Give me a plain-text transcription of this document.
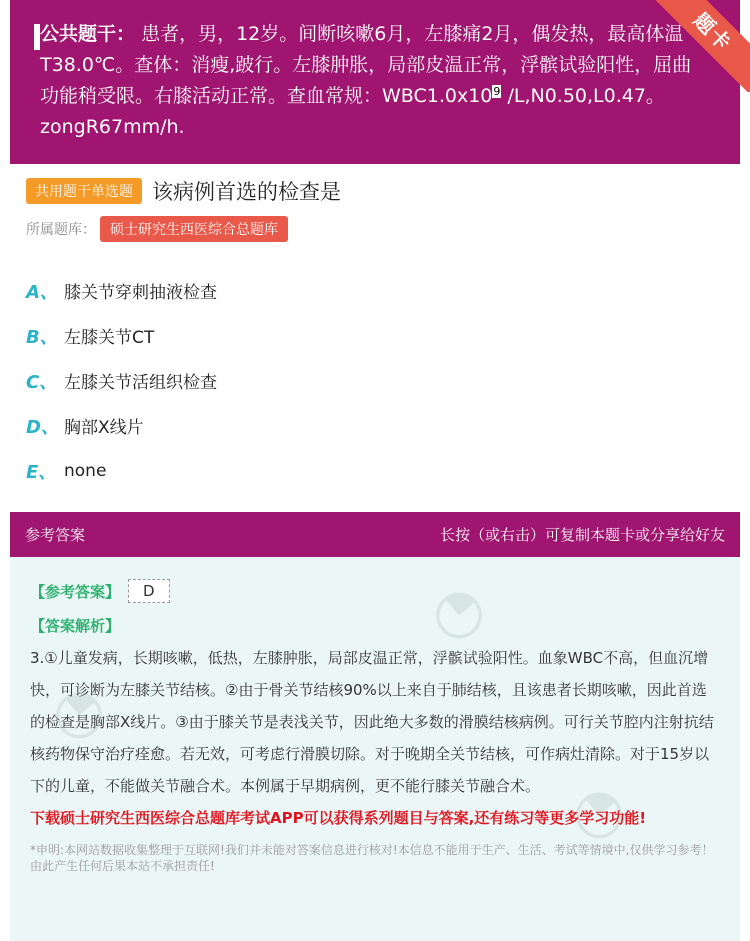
公共题干： 患者，男，12岁。间断咳嗽6月，左膝痛2月，偶发热，最高体温T38.0℃。查体：消瘦,跛行。左膝肿胀，局部皮温正常，浮髌试验阳性，屈曲功能稍受限。右膝活动正常。查血常规：$WBC1.0x10^9$ /L,N0.50,L0.47。zongR67mm/h.
题卡
共用题干单选题 该病例首选的检查是
所属题库：	硕士研究生西医综合总题库
A、 膝关节穿刺抽液检查
B、 左膝关节CT
C、 左膝关节活组织检查
D、 胸部X线片
E、 none
参考答案	长按（或右击）可复制本题卡或分享给好友
◔
◔
◔
【参考答案】	D
【答案解析】
3.①儿童发病，长期咳嗽，低热，左膝肿胀，局部皮温正常，浮髌试验阳性。血象WBC不高，但血沉增快，可诊断为左膝关节结核。②由于骨关节结核90%以上来自于肺结核，且该患者长期咳嗽，因此首选的检查是胸部X线片。③由于膝关节是表浅关节，因此绝大多数的滑膜结核病例。可行关节腔内注射抗结核药物保守治疗痊愈。若无效，可考虑行滑膜切除。对于晚期全关节结核，可作病灶清除。对于15岁以下的儿童，不能做关节融合术。本例属于早期病例，更不能行膝关节融合术。
下载硕士研究生西医综合总题库考试APP可以获得系列题目与答案,还有练习等更多学习功能!
*申明:本网站数据收集整理于互联网!我们并未能对答案信息进行核对!本信息不能用于生产、生活、考试等情境中,仅供学习参考！由此产生任何后果本站不承担责任!
